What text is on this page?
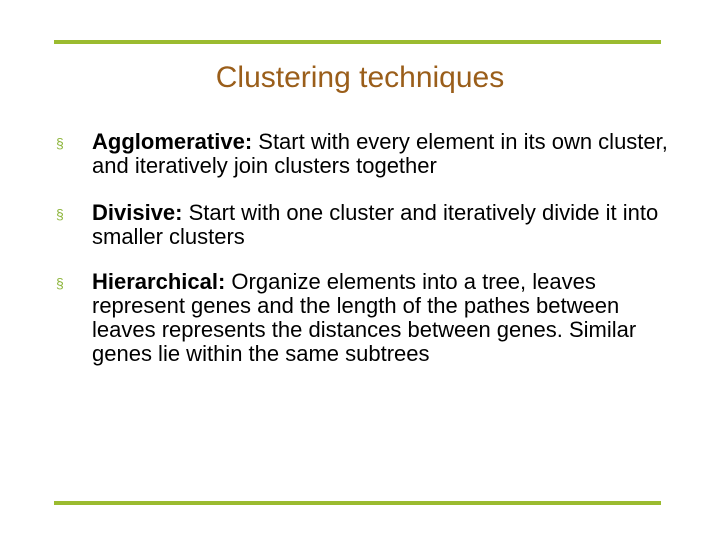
Clustering techniques
§ Agglomerative: Start with every element in its own cluster, and iteratively join clusters together
§ Divisive: Start with one cluster and iteratively divide it into smaller clusters
§ Hierarchical: Organize elements into a tree, leaves represent genes and the length of the pathes between leaves represents the distances between genes. Similar genes lie within the same subtrees
